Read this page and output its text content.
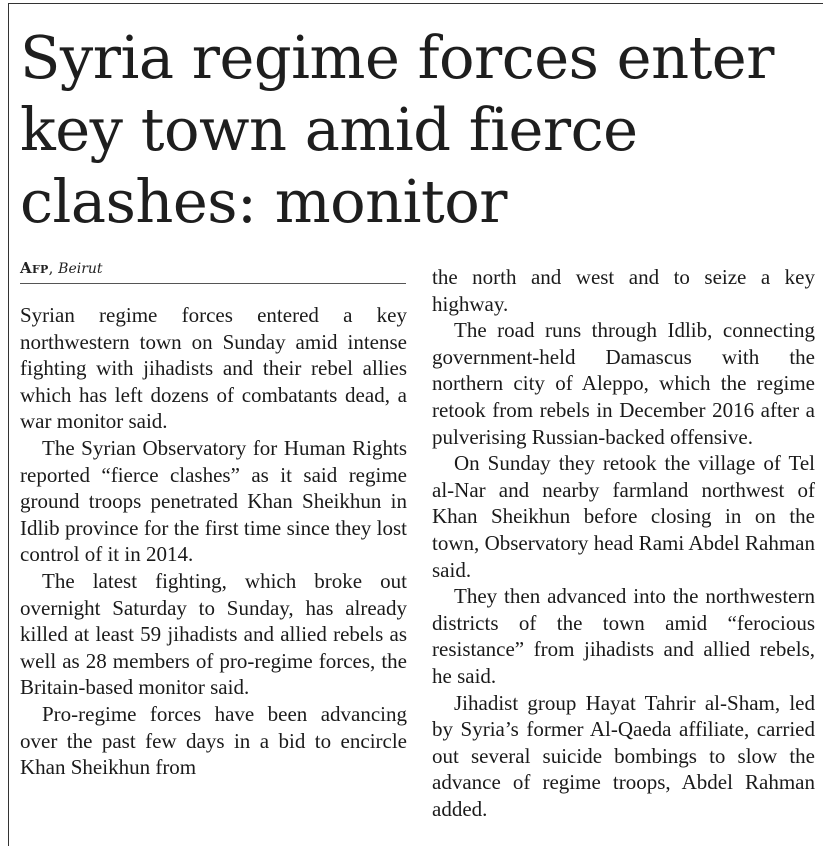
Syria regime forces enter key town amid fierce clashes: monitor
Afp, Beirut

Syrian regime forces entered a key northwestern town on Sunday amid intense fighting with jihadists and their rebel allies which has left dozens of combatants dead, a war monitor said.

The Syrian Observatory for Human Rights reported “fierce clashes” as it said regime ground troops penetrated Khan Sheikhun in Idlib province for the first time since they lost control of it in 2014.

The latest fighting, which broke out overnight Saturday to Sunday, has already killed at least 59 jihadists and allied rebels as well as 28 members of pro-regime forces, the Britain-based monitor said.

Pro-regime forces have been advancing over the past few days in a bid to encircle Khan Sheikhun from

the north and west and to seize a key highway.

The road runs through Idlib, connecting government-held Damascus with the northern city of Aleppo, which the regime retook from rebels in December 2016 after a pulverising Russian-backed offensive.

On Sunday they retook the village of Tel al-Nar and nearby farmland northwest of Khan Sheikhun before closing in on the town, Observatory head Rami Abdel Rahman said.

They then advanced into the northwestern districts of the town amid “ferocious resistance” from jihadists and allied rebels, he said.

Jihadist group Hayat Tahrir al-Sham, led by Syria’s former Al-Qaeda affiliate, carried out several suicide bombings to slow the advance of regime troops, Abdel Rahman added.
